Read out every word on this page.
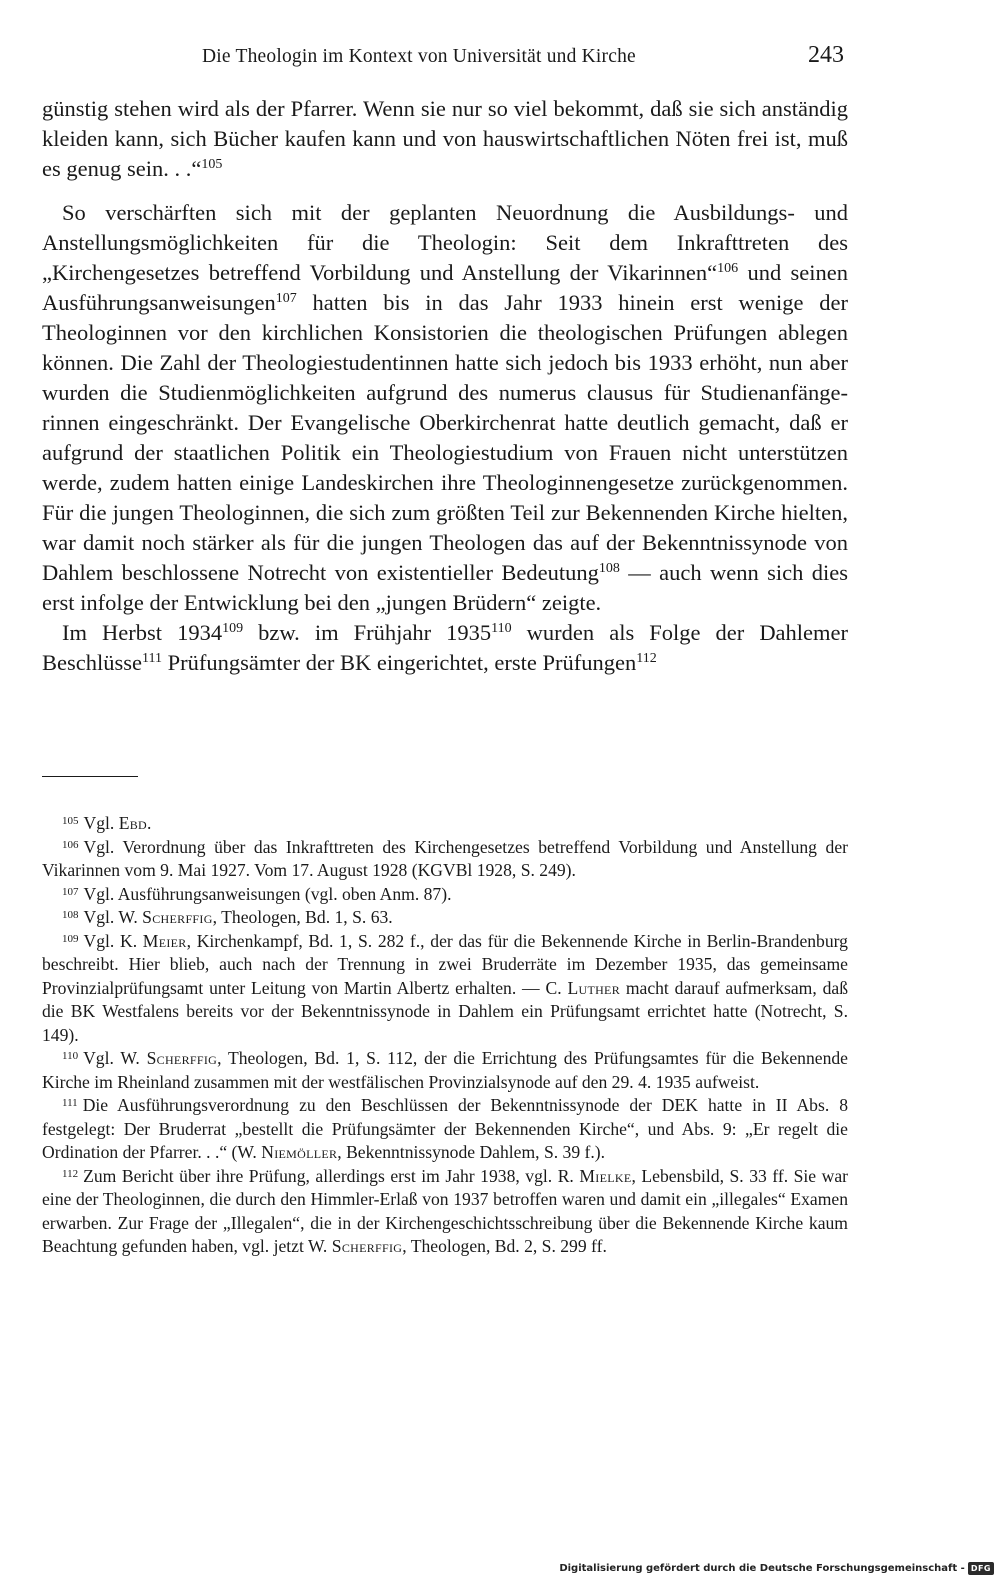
Die Theologin im Kontext von Universität und Kirche	243

günstig stehen wird als der Pfarrer. Wenn sie nur so viel bekommt, daß sie sich anständig kleiden kann, sich Bücher kaufen kann und von hauswirtschaftlichen Nöten frei ist, muß es genug sein. . .“$^{105}$

So verschärften sich mit der geplanten Neuordnung die Ausbildungs- und Anstellungsmöglichkeiten für die Theologin: Seit dem Inkrafttreten des „Kirchengesetzes betreffend Vorbildung und Anstellung der Vikarinnen“$^{106}$ und seinen Ausführungsanweisungen$^{107}$ hatten bis in das Jahr 1933 hinein erst wenige der Theologinnen vor den kirchlichen Konsistorien die theologischen Prüfungen ablegen können. Die Zahl der Theologiestudentinnen hatte sich jedoch bis 1933 erhöht, nun aber wurden die Studienmöglichkeiten aufgrund des numerus clausus für Studienanfängerinnen eingeschränkt. Der Evangelische Oberkirchenrat hatte deutlich gemacht, daß er aufgrund der staatlichen Politik ein Theologiestudium von Frauen nicht unterstützen werde, zudem hatten einige Landeskirchen ihre Theologinnengesetze zurückgenommen. Für die jungen Theologinnen, die sich zum größten Teil zur Bekennenden Kirche hielten, war damit noch stärker als für die jungen Theologen das auf der Bekenntnissynode von Dahlem beschlossene Notrecht von existentieller Bedeutung$^{108}$ — auch wenn sich dies erst infolge der Entwicklung bei den „jungen Brüdern“ zeigte.

Im Herbst 1934$^{109}$ bzw. im Frühjahr 1935$^{110}$ wurden als Folge der Dahlemer Beschlüsse$^{111}$ Prüfungsämter der BK eingerichtet, erste Prüfungen$^{112}$

105 Vgl. Ebd.

106 Vgl. Verordnung über das Inkrafttreten des Kirchengesetzes betreffend Vorbildung und Anstellung der Vikarinnen vom 9. Mai 1927. Vom 17. August 1928 (KGVBl 1928, S. 249).

107 Vgl. Ausführungsanweisungen (vgl. oben Anm. 87).

108 Vgl. W. Scherffig, Theologen, Bd. 1, S. 63.

109 Vgl. K. Meier, Kirchenkampf, Bd. 1, S. 282 f., der das für die Bekennende Kirche in Berlin-Brandenburg beschreibt. Hier blieb, auch nach der Trennung in zwei Bruderräte im Dezember 1935, das gemeinsame Provinzialprüfungsamt unter Leitung von Martin Albertz erhalten. — C. Luther macht darauf aufmerksam, daß die BK Westfalens bereits vor der Bekenntnissynode in Dahlem ein Prüfungsamt errichtet hatte (Notrecht, S. 149).

110 Vgl. W. Scherffig, Theologen, Bd. 1, S. 112, der die Errichtung des Prüfungsamtes für die Bekennende Kirche im Rheinland zusammen mit der westfälischen Provinzialsynode auf den 29. 4. 1935 aufweist.

111 Die Ausführungsverordnung zu den Beschlüssen der Bekenntnissynode der DEK hatte in II Abs. 8 festgelegt: Der Bruderrat „bestellt die Prüfungsämter der Bekennenden Kirche“, und Abs. 9: „Er regelt die Ordination der Pfarrer. . .“ (W. Niemöller, Bekenntnissynode Dahlem, S. 39 f.).

112 Zum Bericht über ihre Prüfung, allerdings erst im Jahr 1938, vgl. R. Mielke, Lebensbild, S. 33 ff. Sie war eine der Theologinnen, die durch den Himmler-Erlaß von 1937 betroffen waren und damit ein „illegales“ Examen erwarben. Zur Frage der „Illegalen“, die in der Kirchengeschichtsschreibung über die Bekennende Kirche kaum Beachtung gefunden haben, vgl. jetzt W. Scherffig, Theologen, Bd. 2, S. 299 ff.

Digitalisierung gefördert durch die Deutsche Forschungsgemeinschaft - DFG
